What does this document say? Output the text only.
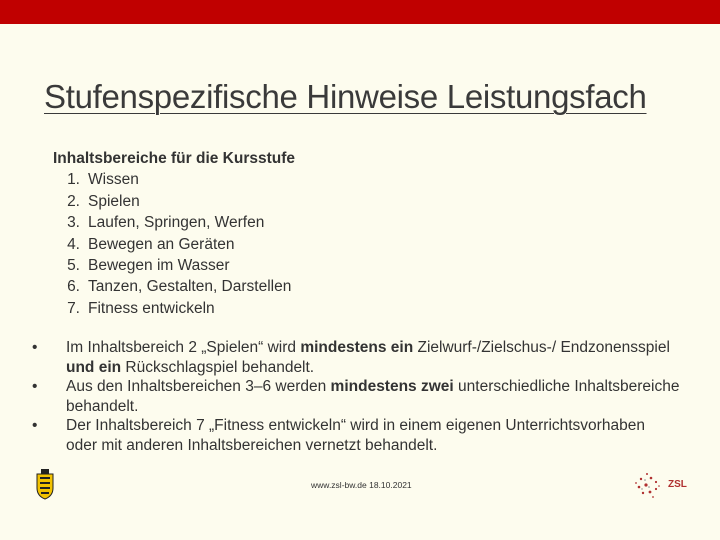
Stufenspezifische Hinweise Leistungsfach
Inhaltsbereiche für die Kursstufe
1. Wissen
2. Spielen
3. Laufen, Springen, Werfen
4. Bewegen an Geräten
5. Bewegen im Wasser
6. Tanzen, Gestalten, Darstellen
7. Fitness entwickeln
•	Im Inhaltsbereich 2 „Spielen“ wird mindestens ein Zielwurf‐/Zielschus‐/ Endzonensspiel und ein Rückschlagspiel behandelt.
•	Aus den Inhaltsbereichen 3–6 werden mindestens zwei unterschiedliche Inhaltsbereiche behandelt.
•	Der Inhaltsbereich 7 „Fitness entwickeln“ wird in einem eigenen Unterrichtsvorhaben oder mit anderen Inhaltsbereichen vernetzt behandelt.
www.zsl-bw.de 18.10.2021	ZSL
